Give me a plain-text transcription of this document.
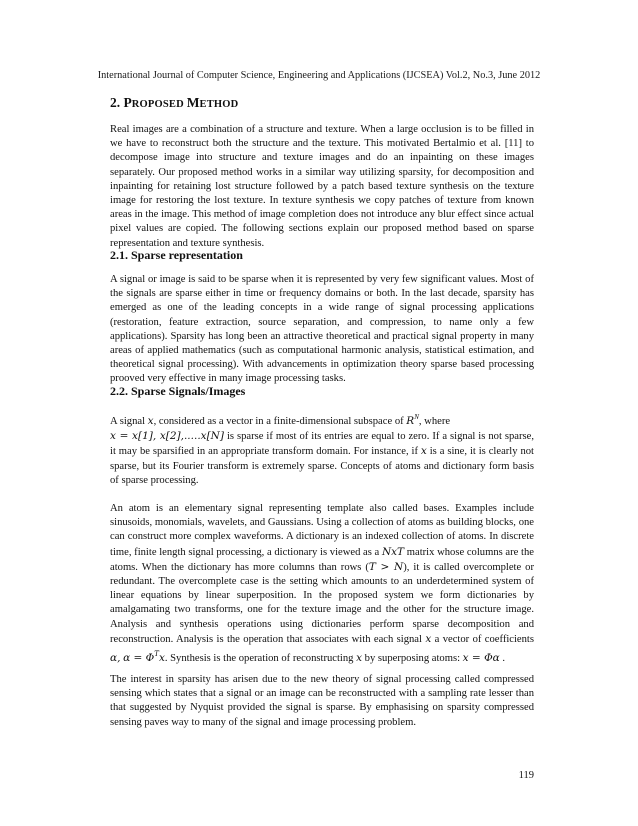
International Journal of Computer Science, Engineering and Applications (IJCSEA) Vol.2, No.3, June 2012
2. PROPOSED METHOD

Real images are a combination of a structure and texture. When a large occlusion is to be filled in we have to reconstruct both the structure and the texture. This motivated Bertalmio et al. [11] to decompose image into structure and texture images and do an inpainting on these images separately. Our proposed method works in a similar way utilizing sparsity, for decomposition and inpainting for retaining lost structure followed by a patch based texture synthesis on the texture image for restoring the lost texture. In texture synthesis we copy patches of texture from known areas in the image. This method of image completion does not introduce any blur effect since actual pixel values are copied. The following sections explain our proposed method based on sparse representation and texture synthesis.

2.1. Sparse representation

A signal or image is said to be sparse when it is represented by very few significant values. Most of the signals are sparse either in time or frequency domains or both. In the last decade, sparsity has emerged as one of the leading concepts in a wide range of signal processing applications (restoration, feature extraction, source separation, and compression, to name only a few applications). Sparsity has long been an attractive theoretical and practical signal property in many areas of applied mathematics (such as computational harmonic analysis, statistical estimation, and theoretical signal processing). With advancements in optimization theory sparse based processing prooved very effective in many image processing tasks.

2.2. Sparse Signals/Images

A signal x, considered as a vector in a finite-dimensional subspace of $R^N$, where
x = x[1], x[2],.....x[N] is sparse if most of its entries are equal to zero. If a signal is not sparse, it may be sparsified in an appropriate transform domain. For instance, if x is a sine, it is clearly not sparse, but its Fourier transform is extremely sparse. Concepts of atoms and dictionary form basis of sparse processing.

An atom is an elementary signal representing template also called bases. Examples include sinusoids, monomials, wavelets, and Gaussians. Using a collection of atoms as building blocks, one can construct more complex waveforms. A dictionary is an indexed collection of atoms. In discrete time, finite length signal processing, a dictionary is viewed as a NxT matrix whose columns are the atoms. When the dictionary has more columns than rows (T > N), it is called overcomplete or redundant. The overcomplete case is the setting which amounts to an underdetermined system of linear equations by linear superposition. In the proposed system we form dictionaries by amalgamating two transforms, one for the texture image and the other for the structure image. Analysis and synthesis operations using dictionaries perform sparse decomposition and reconstruction. Analysis is the operation that associates with each signal x a vector of coefficients α, $\alpha = \Phi^Tx$. Synthesis is the operation of reconstructing x by superposing atoms: x = Φα .

The interest in sparsity has arisen due to the new theory of signal processing called compressed sensing which states that a signal or an image can be reconstructed with a sampling rate lesser than that suggested by Nyquist provided the signal is sparse. By emphasising on sparsity compressed sensing paves way to many of the signal and image processing problem.

119
